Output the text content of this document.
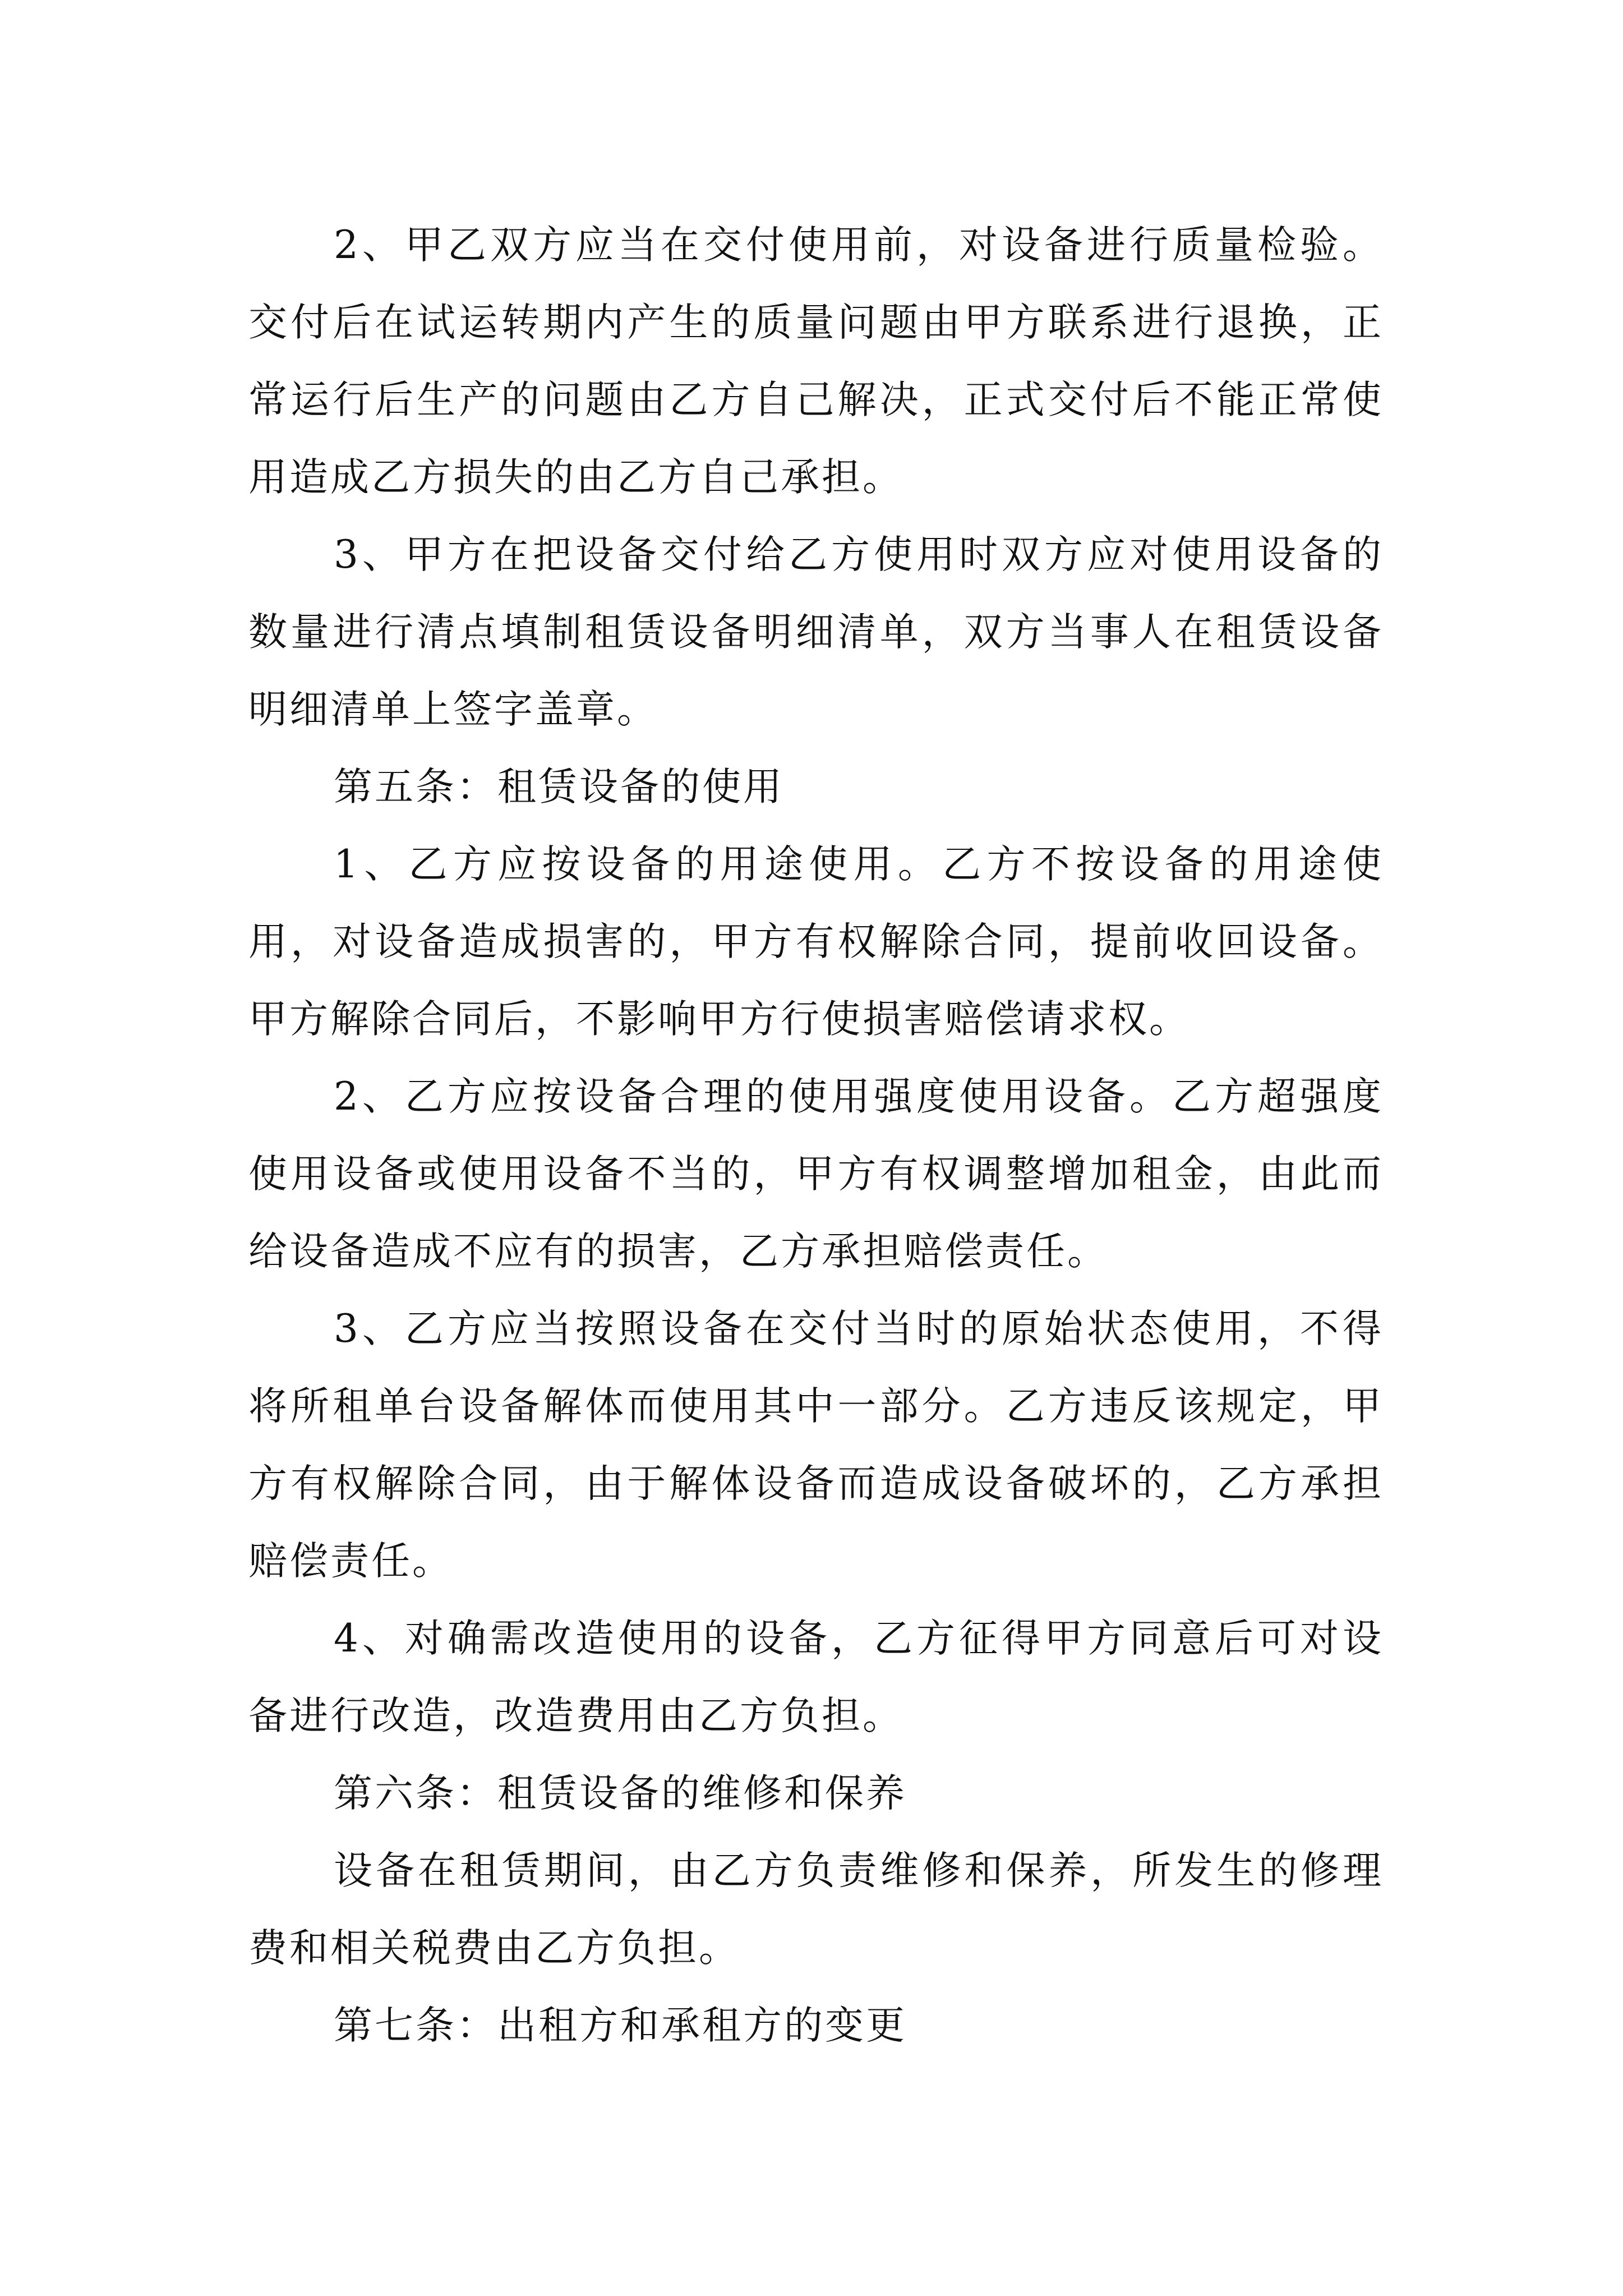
2、甲乙双方应当在交付使用前，对设备进行质量检验。交付后在试运转期内产生的质量问题由甲方联系进行退换，正常运行后生产的问题由乙方自己解决，正式交付后不能正常使用造成乙方损失的由乙方自己承担。

3、甲方在把设备交付给乙方使用时双方应对使用设备的数量进行清点填制租赁设备明细清单，双方当事人在租赁设备明细清单上签字盖章。

第五条：租赁设备的使用

1、乙方应按设备的用途使用。乙方不按设备的用途使用，对设备造成损害的，甲方有权解除合同，提前收回设备。甲方解除合同后，不影响甲方行使损害赔偿请求权。

2、乙方应按设备合理的使用强度使用设备。乙方超强度使用设备或使用设备不当的，甲方有权调整增加租金，由此而给设备造成不应有的损害，乙方承担赔偿责任。

3、乙方应当按照设备在交付当时的原始状态使用，不得将所租单台设备解体而使用其中一部分。乙方违反该规定，甲方有权解除合同，由于解体设备而造成设备破坏的，乙方承担赔偿责任。

4、对确需改造使用的设备，乙方征得甲方同意后可对设备进行改造，改造费用由乙方负担。

第六条：租赁设备的维修和保养

设备在租赁期间，由乙方负责维修和保养，所发生的修理费和相关税费由乙方负担。

第七条：出租方和承租方的变更
